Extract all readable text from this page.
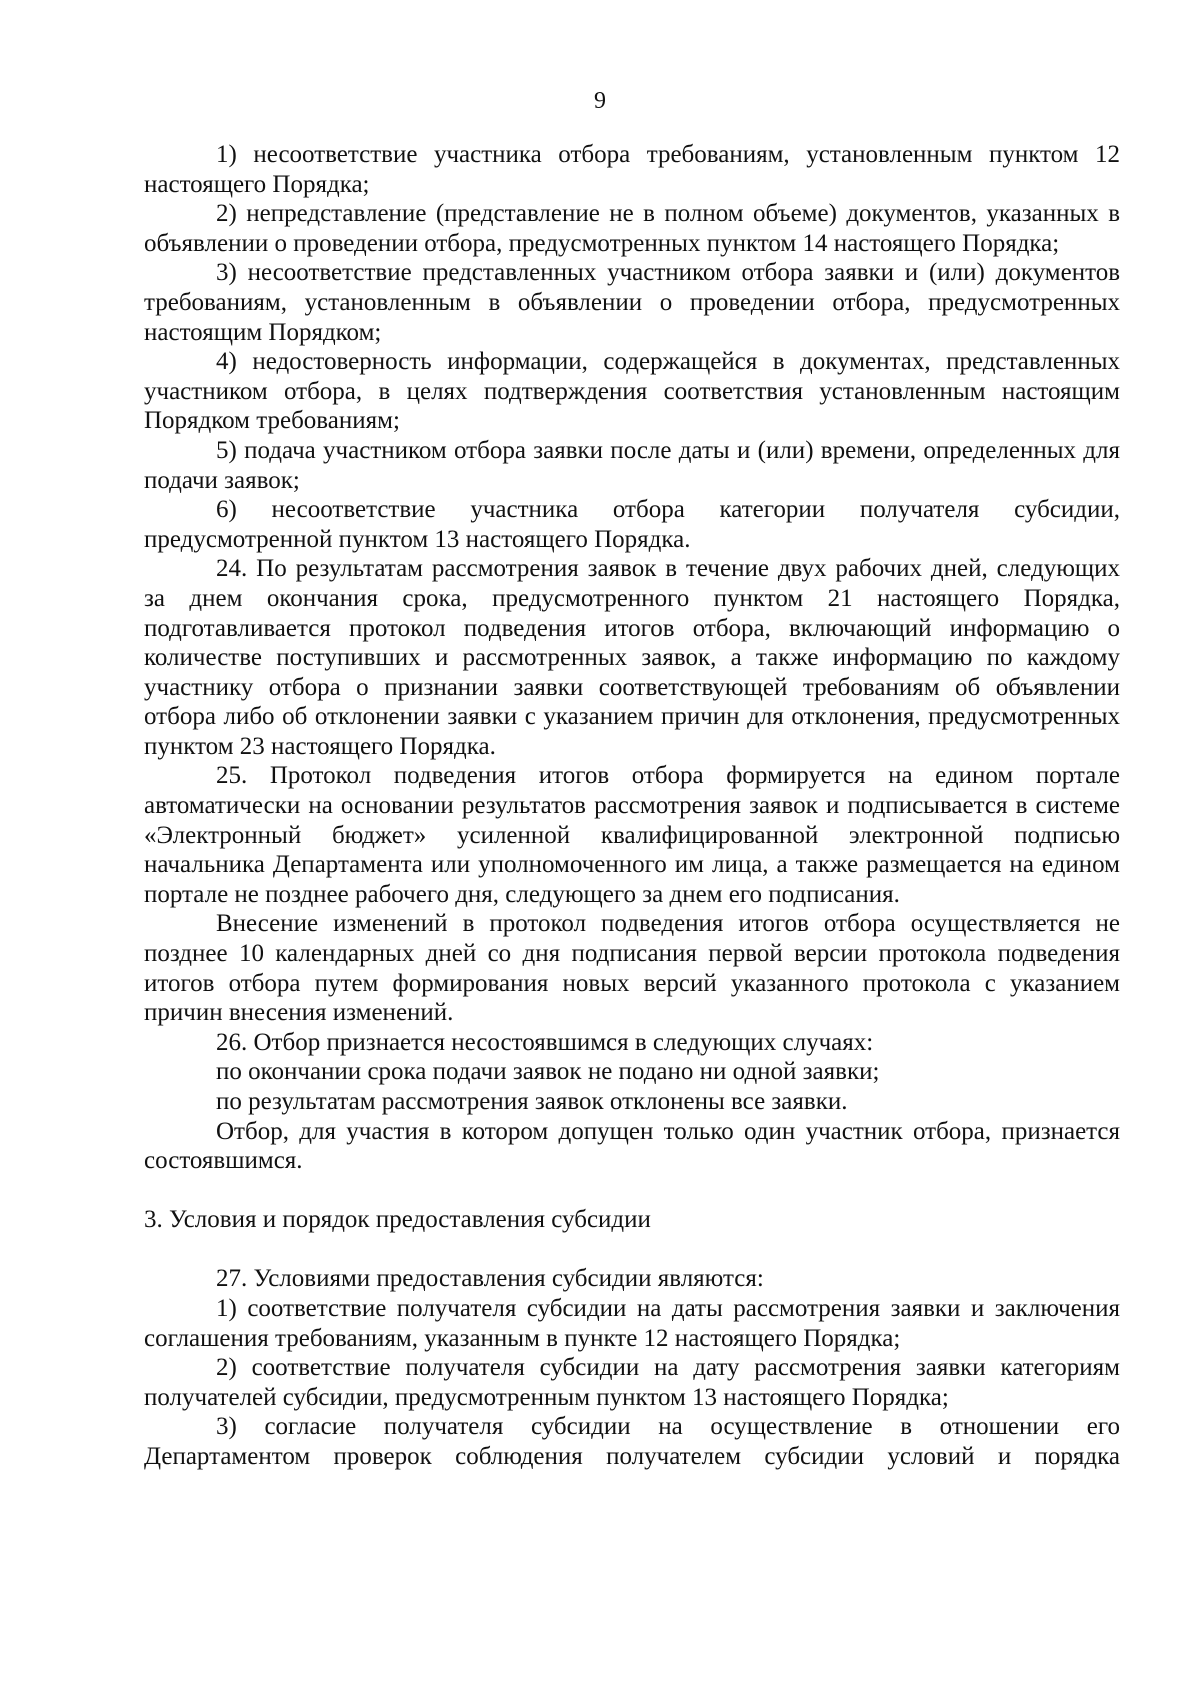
9

1) несоответствие участника отбора требованиям, установленным пунктом 12 настоящего Порядка;

2) непредставление (представление не в полном объеме) документов, указанных в объявлении о проведении отбора, предусмотренных пунктом 14 настоящего Порядка;

3) несоответствие представленных участником отбора заявки и (или) документов требованиям, установленным в объявлении о проведении отбора, предусмотренных настоящим Порядком;

4) недостоверность информации, содержащейся в документах, представленных участником отбора, в целях подтверждения соответствия установленным настоящим Порядком требованиям;

5) подача участником отбора заявки после даты и (или) времени, определенных для подачи заявок;

6) несоответствие участника отбора категории получателя субсидии, предусмотренной пунктом 13 настоящего Порядка.

24. По результатам рассмотрения заявок в течение двух рабочих дней, следующих за днем окончания срока, предусмотренного пунктом 21 настоящего Порядка, подготавливается протокол подведения итогов отбора, включающий информацию о количестве поступивших и рассмотренных заявок, а также информацию по каждому участнику отбора о признании заявки соответствующей требованиям об объявлении отбора либо об отклонении заявки с указанием причин для отклонения, предусмотренных пунктом 23 настоящего Порядка.

25. Протокол подведения итогов отбора формируется на едином портале автоматически на основании результатов рассмотрения заявок и подписывается в системе «Электронный бюджет» усиленной квалифицированной электронной подписью начальника Департамента или уполномоченного им лица, а также размещается на едином портале не позднее рабочего дня, следующего за днем его подписания.

Внесение изменений в протокол подведения итогов отбора осуществляется не позднее 10 календарных дней со дня подписания первой версии протокола подведения итогов отбора путем формирования новых версий указанного протокола с указанием причин внесения изменений.

26. Отбор признается несостоявшимся в следующих случаях:

по окончании срока подачи заявок не подано ни одной заявки;

по результатам рассмотрения заявок отклонены все заявки.

Отбор, для участия в котором допущен только один участник отбора, признается состоявшимся.

3. Условия и порядок предоставления субсидии

27. Условиями предоставления субсидии являются:

1) соответствие получателя субсидии на даты рассмотрения заявки и заключения соглашения требованиям, указанным в пункте 12 настоящего Порядка;

2) соответствие получателя субсидии на дату рассмотрения заявки категориям получателей субсидии, предусмотренным пунктом 13 настоящего Порядка;

3) согласие получателя субсидии на осуществление в отношении его Департаментом проверок соблюдения получателем субсидии условий и порядка
